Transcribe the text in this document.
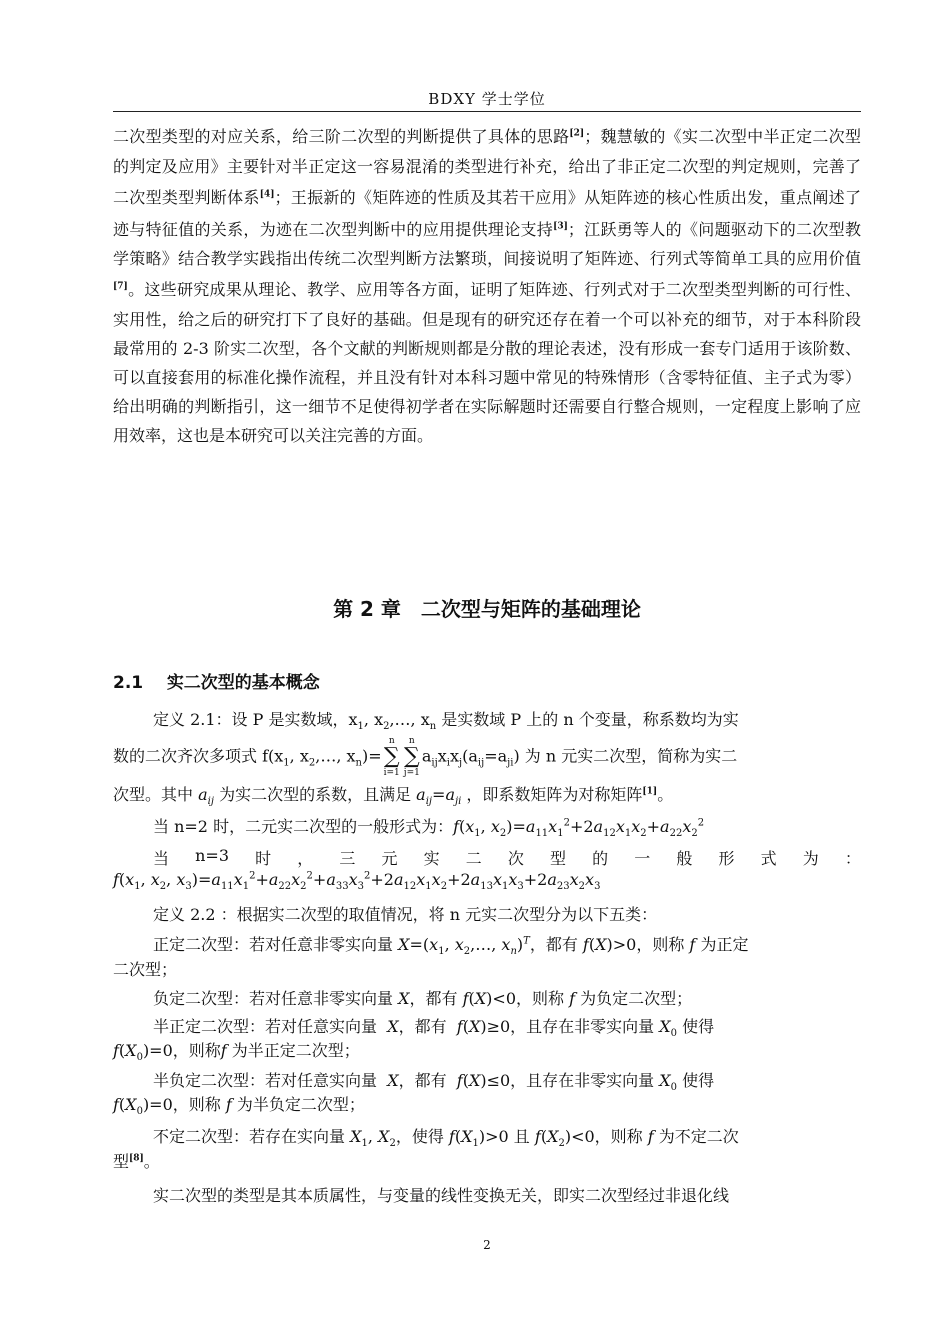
BDXY 学士学位

二次型类型的对应关系，给三阶二次型的判断提供了具体的思路[2]；魏慧敏的《实二次型中半正定二次型的判定及应用》主要针对半正定这一容易混淆的类型进行补充，给出了非正定二次型的判定规则，完善了二次型类型判断体系[4]；王振新的《矩阵迹的性质及其若干应用》从矩阵迹的核心性质出发，重点阐述了迹与特征值的关系，为迹在二次型判断中的应用提供理论支持[3]；江跃勇等人的《问题驱动下的二次型教学策略》结合教学实践指出传统二次型判断方法繁琐，间接说明了矩阵迹、行列式等简单工具的应用价值[7]。这些研究成果从理论、教学、应用等各方面，证明了矩阵迹、行列式对于二次型类型判断的可行性、实用性，给之后的研究打下了良好的基础。但是现有的研究还存在着一个可以补充的细节，对于本科阶段最常用的 2-3 阶实二次型，各个文献的判断规则都是分散的理论表述，没有形成一套专门适用于该阶数、可以直接套用的标准化操作流程，并且没有针对本科习题中常见的特殊情形（含零特征值、主子式为零）给出明确的判断指引，这一细节不足使得初学者在实际解题时还需要自行整合规则，一定程度上影响了应用效率，这也是本研究可以关注完善的方面。

第 2 章　二次型与矩阵的基础理论
2.1 实二次型的基本概念
定义 2.1：设 P 是实数域，$x_1$, $x_2,\dots$, $x_n$ 是实数域 P 上的 n 个变量，称系数均为实
数的二次齐次多项式 $f(x_1$, $x_2,\dots$, $x_n)=$
n
∑
i=1
n
∑
j=1
$a_{ij}x_ix_j(a_{ij}=a_{ji})$ 为 n 元实二次型，简称为实二
次型。其中 $a_{ij}$ 为实二次型的系数，且满足 $a_{ij}=a_{ji}$ ，即系数矩阵为对称矩阵[1]。
当 n=2 时，二元实二次型的一般形式为：$f(x_1$, $x_2)=a_{11}x_1^2+2a_{12}x_1x_2+a_{22}x_2^2$
当 n=3 时 ， 三 元 实 二 次 型 的 一 般 形 式 为 ：
$f(x_1$, $x_2$, $x_3)=a_{11}x_1^2+a_{22}x_2^2+a_{33}x_3^2+2a_{12}x_1x_2+2a_{13}x_1x_3+2a_{23}x_2x_3$
定义 2.2 ：根据实二次型的取值情况，将 n 元实二次型分为以下五类：
正定二次型：若对任意非零实向量 $X=(x_1$, $x_2,\dots$, $x_n)^T$，都有 f(X)>0，则称 f 为正定
二次型；
负定二次型：若对任意非零实向量 X，都有 f(X)<0，则称 f 为负定二次型；
半正定二次型：若对任意实向量 X，都有 f(X)≥0，且存在非零实向量 $X_0$ 使得
$f(X_0)=0$，则称f 为半正定二次型；
半负定二次型：若对任意实向量 X，都有 f(X)≤0，且存在非零实向量 $X_0$ 使得
$f(X_0)=0$，则称 f 为半负定二次型；
不定二次型：若存在实向量 $X_1$, $X_2$，使得 $f(X_1)>0$ 且 $f(X_2)<0$，则称 f 为不定二次
型[8]。
实二次型的类型是其本质属性，与变量的线性变换无关，即实二次型经过非退化线
2
